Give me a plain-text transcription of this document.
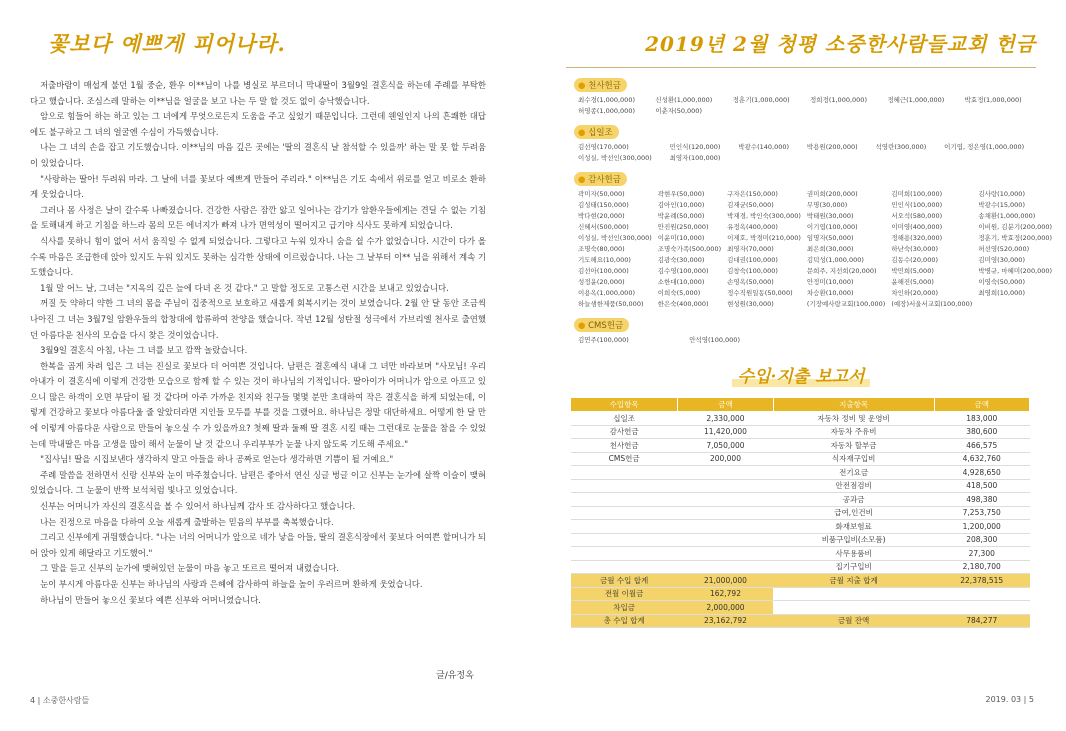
꽃보다 예쁘게 피어나라.

저출바람이 매섭게 불던 1월 중순, 환우 이**님이 나를 병실로 부르더니 막내딸이 3월9일 결혼식을 하는데 주례를 부탁한다고 했습니다. 조심스레 말하는 이**님을 얼굴을 보고 나는 두 말 할 것도 없이 승낙했습니다.

암으로 힘들어 하는 하고 있는 그 녀에게 무엇으로든지 도움을 주고 싶었기 때문입니다. 그런데 웬일인지 나의 흔쾌한 대답에도 불구하고 그 녀의 얼굴엔 수심이 가득했습니다.

나는 그 녀의 손을 잡고 기도했습니다. 이**님의 마음 깊은 곳에는 '딸의 결혼식 날 참석할 수 있을까' 하는 말 못 할 두려움이 있었습니다.

"사랑하는 딸아! 두려워 마라. 그 날에 너를 꽃보다 예쁘게 만들어 주리라." 이**님은 기도 속에서 위로를 얻고 비로소 환하게 웃었습니다.

그러나 몸 사정은 날이 갈수록 나빠졌습니다. 건강한 사람은 잠깐 앓고 일어나는 감기가 암환우들에게는 견딜 수 없는 기침을 토해내게 하고 기침을 하느라 몸의 모든 에너지가 빠져 나가 면역성이 떨어지고 급기야 식사도 못하게 되었습니다.

식사를 못하니 힘이 없어 서서 움직일 수 없게 되었습니다. 그렇다고 누워 있자니 숨을 쉴 수가 없었습니다. 시간이 다가 올수록 마음은 조급한데 앉아 있지도 누워 있지도 못하는 심각한 상태에 이르렀습니다. 나는 그 날부터 이** 님을 위해서 계속 기도했습니다.

1월 말 어느 날, 그녀는 "지옥의 깊은 늪에 다녀 온 것 같다." 고 말할 정도로 고통스런 시간을 보내고 있었습니다.

꺼질 듯 약하디 약한 그 녀의 몸을 주님이 집중적으로 보호하고 새롭게 회복시키는 것이 보였습니다. 2월 안 달 동안 조금씩 나아진 그 녀는 3월7일 암환우들의 합창대에 합류하여 찬양을 했습니다. 작년 12월 성탄절 성극에서 가브리엘 천사로 출연했던 아름다운 천사의 모습을 다시 찾은 것이었습니다.

3월9일 결혼식 아침, 나는 그 녀를 보고 깜짝 놀랐습니다.

한복을 곱게 차려 입은 그 녀는 진실로 꽃보다 더 어여쁜 것입니다. 남편은 결혼예식 내내 그 녀만 바라보며 "사모님! 우리 아내가 이 결혼식에 이렇게 건강한 모습으로 함께 할 수 있는 것이 하나님의 기적입니다. 딸아이가 어머니가 암으로 아프고 있으니 많은 하객이 오면 부담이 될 것 같다며 아주 가까운 친지와 친구들 몇몇 분만 초대하여 작은 결혼식을 하게 되었는데, 이렇게 건강하고 꽃보다 아름다울 줄 알았더라면 지인들 모두를 부를 것을 그랬어요. 하나님은 정말 대단하세요. 어떻게 한 달 만에 이렇게 아름다운 사람으로 만들어 놓으실 수 가 있을까요? 첫째 딸과 둘째 딸 결혼 시킬 때는 그런대로 눈물을 참을 수 있었는데 막내딸은 마음 고생을 많이 해서 눈물이 날 것 같으니 우리부부가 눈물 나지 않도록 기도해 주세요."

"집사님! 딸을 시집보낸다 생각하지 말고 아들을 하나 공짜로 얻는다 생각하면 기쁨이 될 거예요."

주례 말씀을 전하면서 신랑 신부와 눈이 마주쳤습니다. 남편은 좋아서 연신 싱글 벙글 이고 신부는 눈가에 살짝 이슬이 맺혀 있었습니다. 그 눈물이 반짝 보석처럼 빛나고 있었습니다.

신부는 어머니가 자신의 결혼식을 볼 수 있어서 하나님께 감사 또 감사하다고 했습니다.

나는 진정으로 마음을 다하여 오늘 새롭게 출발하는 믿음의 부부를 축복했습니다.

그리고 신부에게 귀띔했습니다. "나는 너의 어머니가 앞으로 네가 낳을 아들, 딸의 결혼식장에서 꽃보다 어여쁜 할머니가 되어 앉아 있게 해달라고 기도했어."

그 말을 듣고 신부의 눈가에 맺혀있던 눈물이 마음 놓고 또르르 떨어져 내렸습니다.

눈이 부시게 아름다운 신부는 하나님의 사랑과 은혜에 감사하여 하늘을 높이 우러르며 환하게 웃었습니다.

하나님이 만들어 놓으신 꽃보다 예쁜 신부와 어머니였습니다.

글/유정옥
4 | 소중한사람들
2019년 2월 청평 소중한사람들교회 헌금
● 천사헌금
최수경(1,000,000)	신성환(1,000,000)	정훈기(1,000,000)	정희정(1,000,000)	정혜근(1,000,000)	박효정(1,000,000)
허영종(1,000,000)	이춘자(50,000)
● 십일조
김선영(170,000)	민인식(120,000)	박광수(140,000)	박용원(200,000)	석영란(300,000)	이기엽, 정은영(1,000,000)
이성실, 박선인(300,000)	최영자(100,000)
● 감사헌금
곽미자(50,000)	곽현우(50,000)	구자은(150,000)	권미희(200,000)	김미희(100,000)	김사랑(10,000)
김성태(150,000)	김아인(10,000)	김재균(50,000)	무명(30,000)	민인식(100,000)	박광수(15,000)
박다현(20,000)	박윤례(50,000)	박재경, 박인숙(300,000) 박태원(30,000)	서오석(580,000)	송채환(1,000,000)
신혜서(500,000)	안진원(250,000)	유정옥(400,000)	이기엽(100,000)	이미영(400,000)	이비원, 김분기(200,000)
이성실, 박선인(300,000) 이윤미(10,000)	이제호, 박경미(210,000) 임명자(50,000)	정해용(320,000)	정훈기, 박효정(200,000)
조명숙(80,000)	조명숙가족(500,000) 최영자(70,000)	최은희(30,000)	하난숙(30,000)	허선영(520,000)
기도해요(10,000)	김광숙(30,000)	김대권(100,000)	김덕성(1,000,000)	김동수(20,000)	김미영(30,000)
김선아(100,000)	김수영(100,000)	김창숙(100,000)	문희주, 지선희(20,000)	박민희(5,000)	박병규, 마혜미(200,000)
성정윤(20,000)	소한대(10,000)	손영옥(50,000)	안정미(10,000)	윤해진(5,000)	이영숙(50,000)
이용옥(1,000,000)	이희숙(5,000)	정수직원일동(50,000)	차승환(10,000)	차인하(20,000)	최영희(10,000)
하늘샘한제품(50,000)	한은숙(400,000)	현성원(30,000)	(기장예사랑교회(100,000) (예장)서울서교회(100,000)
● CMS헌금
김연주(100,000)	안석영(100,000)
수입·지출 보고서
수입항목	금액	지출항목	금액
십일조	2,330,000	자동차 정비 및 운영비	183,000
감사헌금	11,420,000	자동차 주유비	380,600
천사헌금	7,050,000	자동차 할부금	466,575
CMS헌금	200,000	식자재구입비	4,632,760
		전기요금	4,928,650
		안전점검비	418,500
		공과금	498,380
		급여,인건비	7,253,750
		화재보험료	1,200,000
		비품구입비(소모품)	208,300
		사무용품비	27,300
		집기구입비	2,180,700
금월 수입 합계	21,000,000	금월 지출 합계	22,378,515
전월 이월금	162,792		
차입금	2,000,000		
총 수입 합계	23,162,792	금월 잔액	784,277
2019. 03 | 5
